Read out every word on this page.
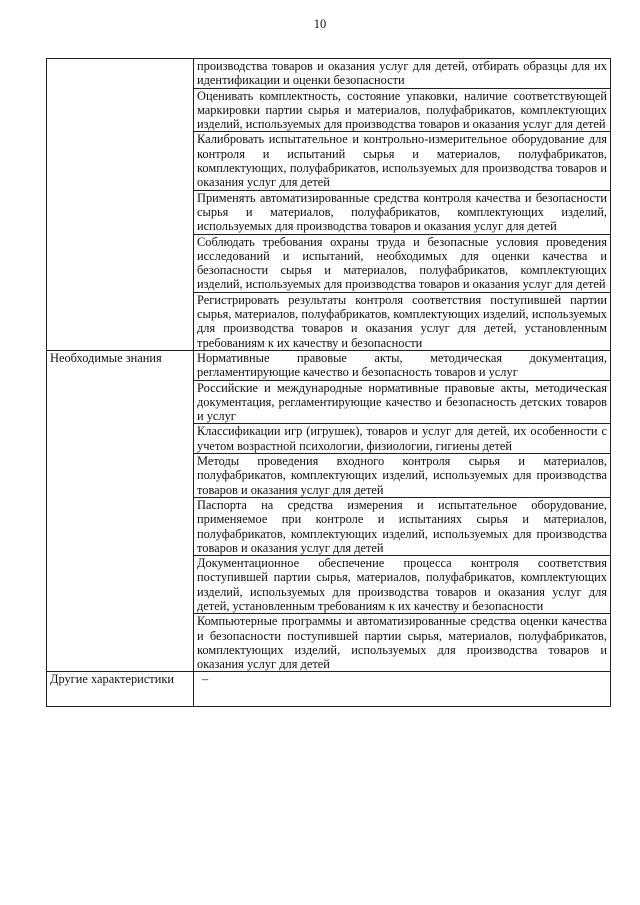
10
	производства товаров и оказания услуг для детей, отбирать образцы для их идентификации и оценки безопасности
	Оценивать комплектность, состояние упаковки, наличие соответствующей маркировки партии сырья и материалов, полуфабрикатов, комплектующих изделий, используемых для производства товаров и оказания услуг для детей
	Калибровать испытательное и контрольно-измерительное оборудование для контроля и испытаний сырья и материалов, полуфабрикатов, комплектующих, полуфабрикатов, используемых для производства товаров и оказания услуг для детей
	Применять автоматизированные средства контроля качества и безопасности сырья и материалов, полуфабрикатов, комплектующих изделий, используемых для производства товаров и оказания услуг для детей
	Соблюдать требования охраны труда и безопасные условия проведения исследований и испытаний, необходимых для оценки качества и безопасности сырья и материалов, полуфабрикатов, комплектующих изделий, используемых для производства товаров и оказания услуг для детей
	Регистрировать результаты контроля соответствия поступившей партии сырья, материалов, полуфабрикатов, комплектующих изделий, используемых для производства товаров и оказания услуг для детей, установленным требованиям к их качеству и безопасности
Необходимые знания	Нормативные правовые акты, методическая документация, регламентирующие качество и безопасность товаров и услуг
	Российские и международные нормативные правовые акты, методическая документация, регламентирующие качество и безопасность детских товаров и услуг
	Классификации игр (игрушек), товаров и услуг для детей, их особенности с учетом возрастной психологии, физиологии, гигиены детей
	Методы проведения входного контроля сырья и материалов, полуфабрикатов, комплектующих изделий, используемых для производства товаров и оказания услуг для детей
	Паспорта на средства измерения и испытательное оборудование, применяемое при контроле и испытаниях сырья и материалов, полуфабрикатов, комплектующих изделий, используемых для производства товаров и оказания услуг для детей
	Документационное обеспечение процесса контроля соответствия поступившей партии сырья, материалов, полуфабрикатов, комплектующих изделий, используемых для производства товаров и оказания услуг для детей, установленным требованиям к их качеству и безопасности
	Компьютерные программы и автоматизированные средства оценки качества и безопасности поступившей партии сырья, материалов, полуфабрикатов, комплектующих изделий, используемых для производства товаров и оказания услуг для детей
Другие характеристики	–
